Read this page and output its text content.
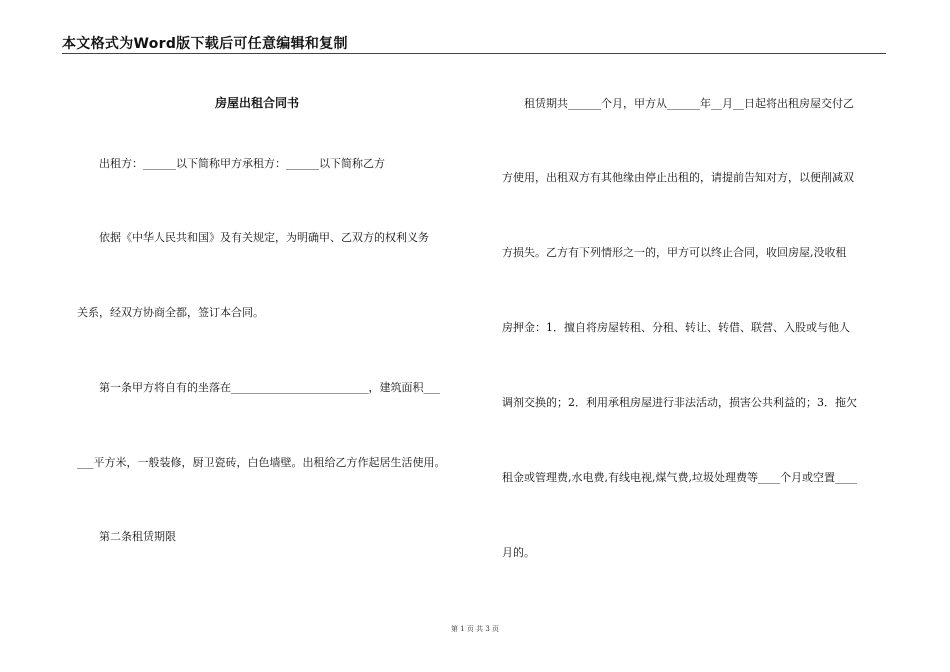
本文格式为Word版下载后可任意编辑和复制
房屋出租合同书
出租方：______以下简称甲方承租方：______以下简称乙方
依据《中华人民共和国》及有关规定，为明确甲、乙双方的权利义务
关系，经双方协商全都，签订本合同。
第一条甲方将自有的坐落在_________________________，建筑面积___
___平方米，一般装修，厨卫瓷砖，白色墙壁。出租给乙方作起居生活使用。
第二条租赁期限
租赁期共______个月，甲方从______年__月__日起将出租房屋交付乙
方使用，出租双方有其他缘由停止出租的，请提前告知对方，以便削减双
方损失。乙方有下列情形之一的，甲方可以终止合同，收回房屋,没收租
房押金：1．擅自将房屋转租、分租、转让、转借、联营、入股或与他人
调剂交换的；2．利用承租房屋进行非法活动，损害公共利益的；3．拖欠
租金或管理费,水电费,有线电视,煤气费,垃圾处理费等____个月或空置____
月的。
第 1 页 共 3 页
